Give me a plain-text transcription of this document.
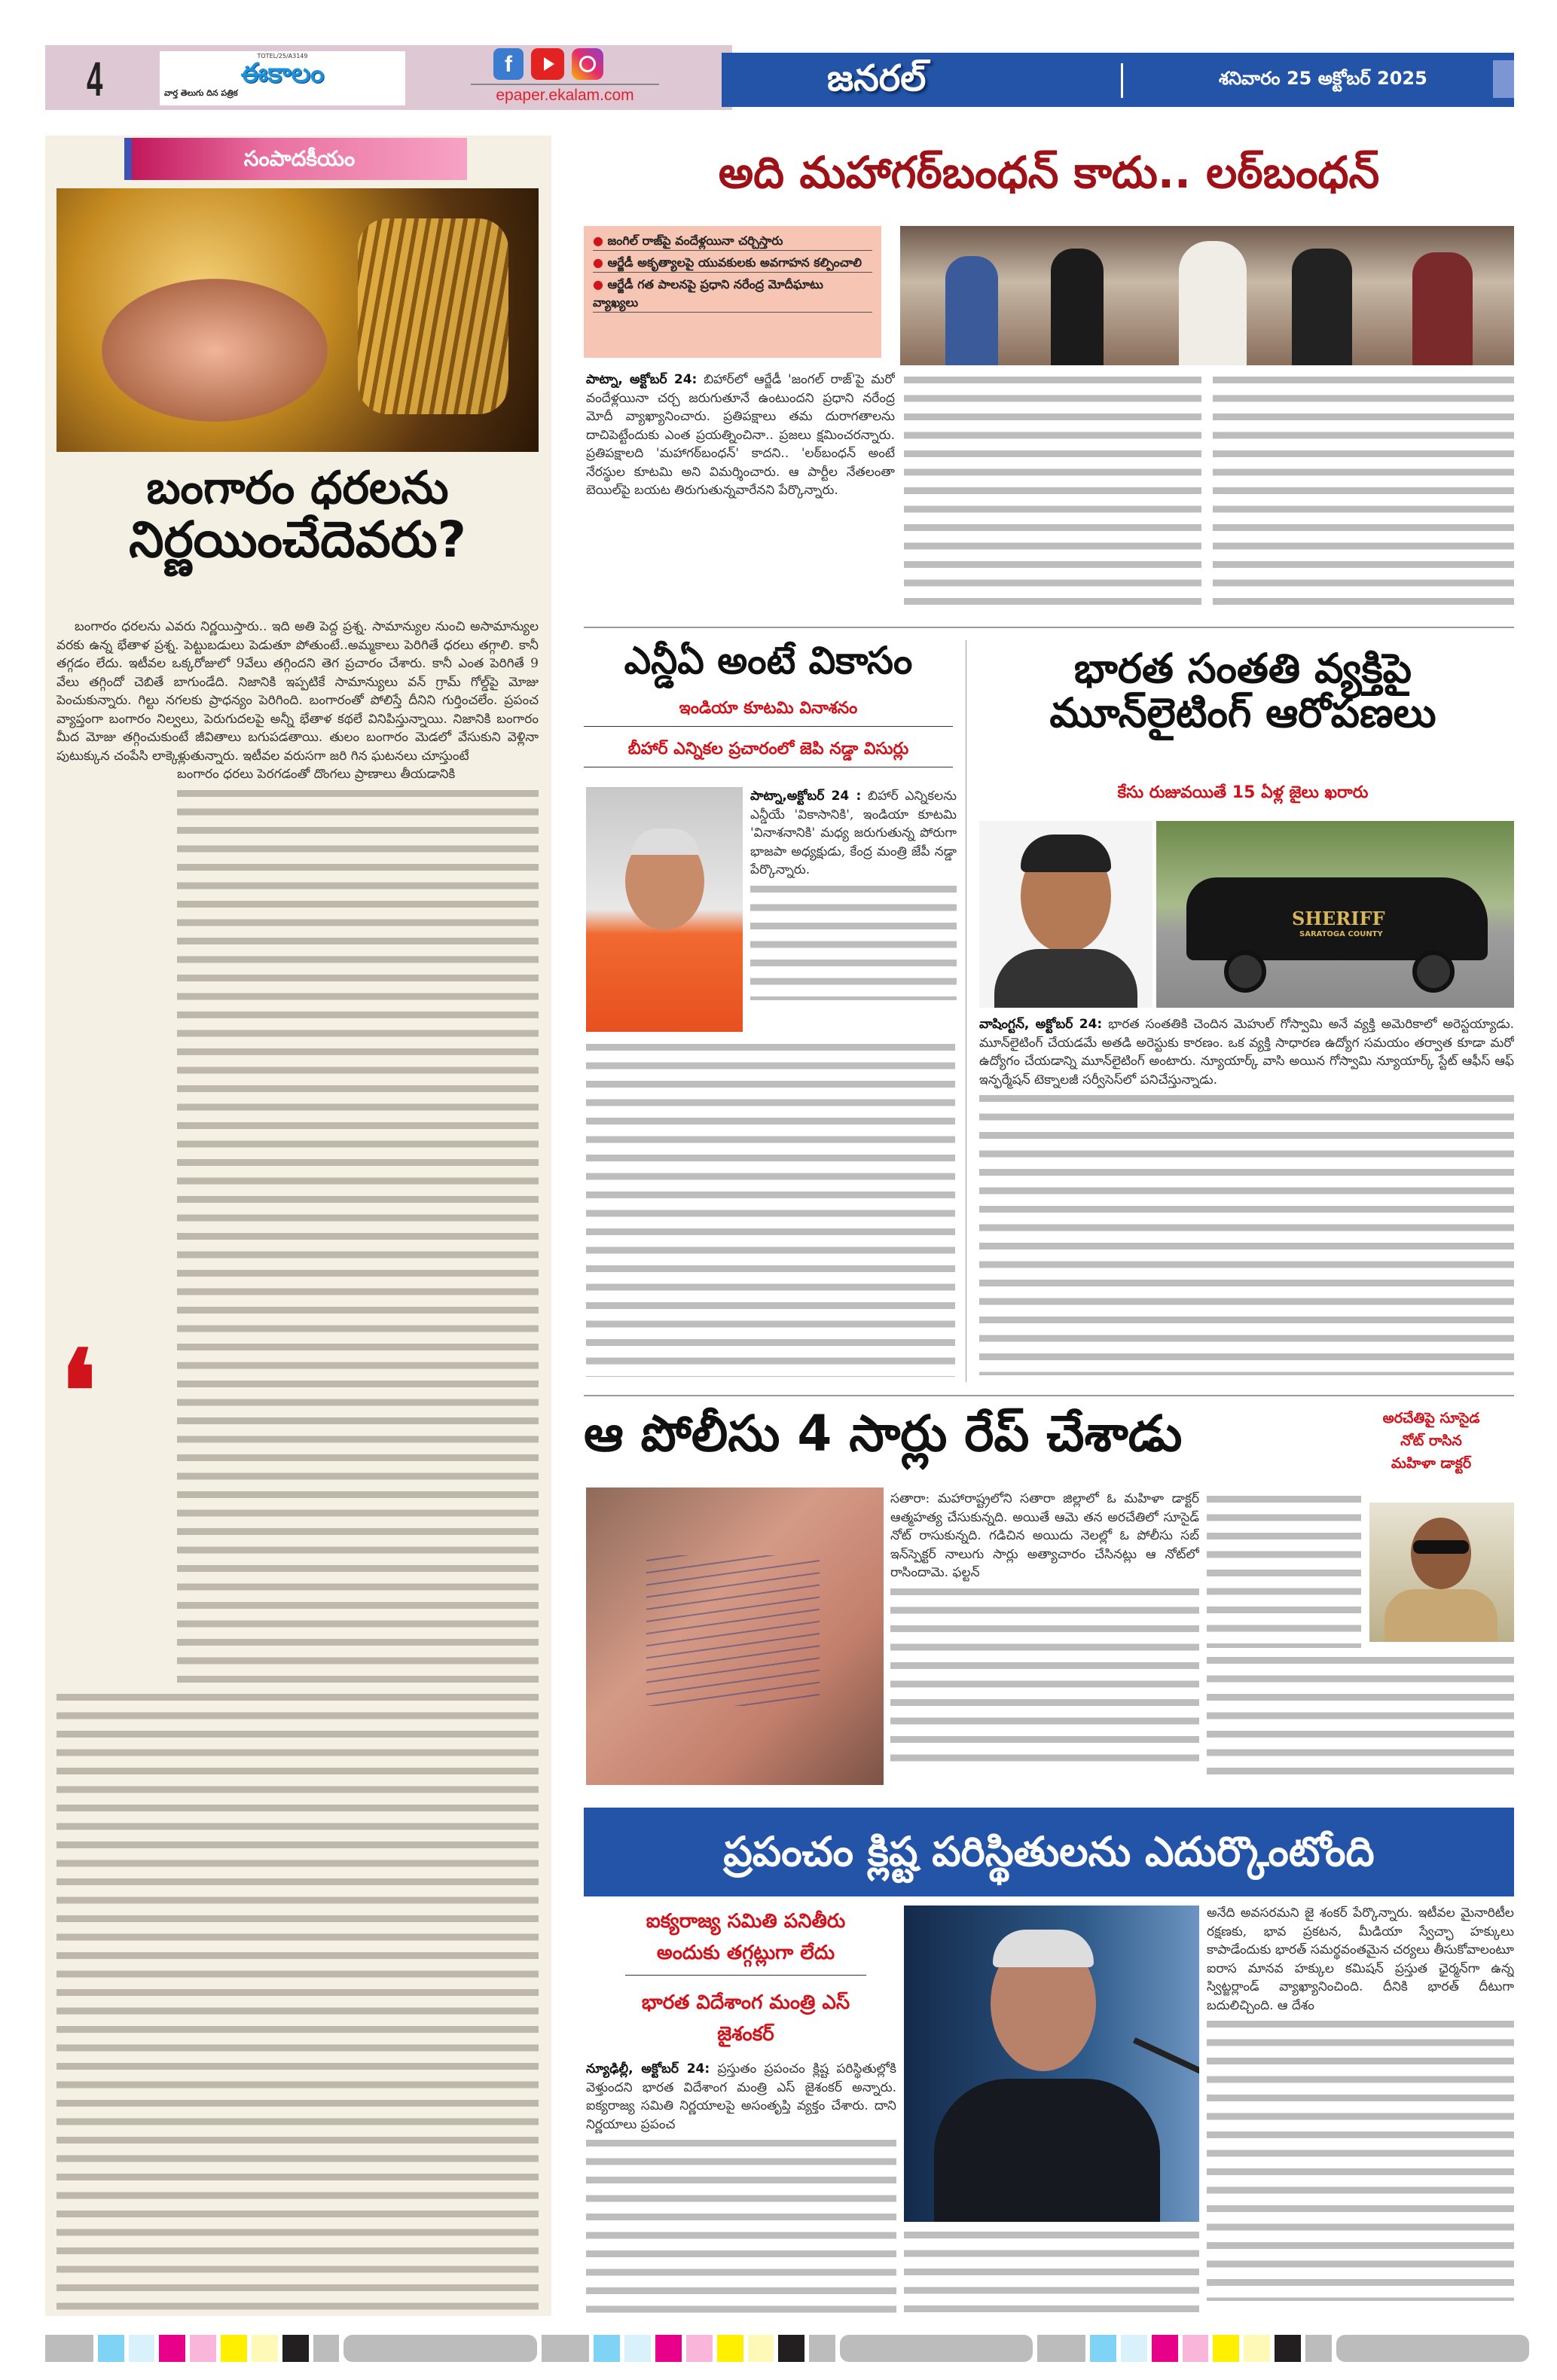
4	TOTEL/25/A3149
ఈకాలం
వార్త తెలుగు దిన పత్రిక
f
epaper.ekalam.com	జనరల్	శనివారం 25 అక్టోబర్ 2025
సంపాదకీయం
బంగారం ధరలను
నిర్ణయించేదెవరు?

బంగారం ధరలను ఎవరు నిర్ణయిస్తారు.. ఇది అతి పెద్ద ప్రశ్న. సామాన్యుల నుంచి అసామాన్యుల వరకు ఉన్న భేతాళ ప్రశ్న. పెట్టుబడులు పెడుతూ పోతుంటే..అమ్మకాలు పెరిగితే ధరలు తగ్గాలి. కానీ తగ్గడం లేదు. ఇటీవల ఒక్కరోజులో 9వేలు తగ్గిందని తెగ ప్రచారం చేశారు. కానీ ఎంత పెరిగితే 9 వేలు తగ్గిందో చెబితే బాగుండేది. నిజానికి ఇప్పటికే సామాన్యులు వన్ గ్రామ్ గోల్డ్‌పై మోజు పెంచుకున్నారు. గిల్టు నగలకు ప్రాధన్యం పెరిగింది. బంగారంతో పోలిస్తే దీనిని గుర్తించలేం. ప్రపంచ వ్యాప్తంగా బంగారం నిల్వలు, పెరుగుదలపై అన్నీ భేతాళ కథలే వినిపిస్తున్నాయి. నిజానికి బంగారం మీద మోజు తగ్గించుకుంటే జీవితాలు బగుపడతాయి. తులం బంగారం మెడలో వేసుకుని వెళ్లినా పుటుక్కున చంపేసి లాక్కెళ్లుతున్నారు. ఇటీవల వరుసగా జరి గిన ఘటనలు చూస్తుంటే

బంగారం ధరలు పెరగడంతో దొంగలు ప్రాణాలు తీయడానికి

❛
అది మహాగఠ్‌బంధన్ కాదు.. లఠ్‌బంధన్
● జంగిల్ రాజ్‌పై వందేళ్లయినా చర్చిస్తారు
● ఆర్జేడీ అకృత్యాలపై యువకులకు అవగాహన కల్పించాలి
● ఆర్జేడీ గత పాలనపై ప్రధాని నరేంద్ర మోదీఘాటు వ్యాఖ్యలు
పాట్నా, అక్టోబర్ 24: బిహార్‌లో ఆర్జేడీ 'జంగల్ రాజ్'పై మరో వందేళ్లయినా చర్చ జరుగుతూనే ఉంటుందని ప్రధాని నరేంద్ర మోదీ వ్యాఖ్యానించారు. ప్రతిపక్షాలు తమ దురాగతాలను దాచిపెట్టేందుకు ఎంత ప్రయత్నించినా.. ప్రజలు క్షమించరన్నారు. ప్రతిపక్షాలది 'మహాగఠ్‌బంధన్' కాదని.. 'లఠ్‌బంధన్ అంటే నేరస్థుల కూటమి అని విమర్శించారు. ఆ పార్టీల నేతలంతా బెయిల్‌పై బయట తిరుగుతున్నవారేనని పేర్కొన్నారు.
ఎన్డీఏ అంటే వికాసం
ఇండియా కూటమి వినాశనం
బీహార్ ఎన్నికల ప్రచారంలో జెపి నడ్డా విసుర్లు
పాట్నా,అక్టోబర్ 24 : బిహార్ ఎన్నికలను ఎన్డీయే 'వికాసానికి', ఇండియా కూటమి 'వినాశనానికి' మధ్య జరుగుతున్న పోరుగా భాజపా అధ్యక్షుడు, కేంద్ర మంత్రి జేపీ నడ్డా పేర్కొన్నారు.
భారత సంతతి వ్యక్తిపై
మూన్‌లైటింగ్ ఆరోపణలు
కేసు రుజువయితే 15 ఏళ్ల జైలు ఖరారు
SHERIFF
SARATOGA COUNTY
వాషింగ్టన్, అక్టోబర్ 24: భారత సంతతికి చెందిన మెహుల్ గోస్వామి అనే వ్యక్తి అమెరికాలో అరెస్టయ్యాడు. మూన్‌లైటింగ్ చేయడమే అతడి అరెస్టుకు కారణం. ఒక వ్యక్తి సాధారణ ఉద్యోగ సమయం తర్వాత కూడా మరో ఉద్యోగం చేయడాన్ని మూన్‌లైటింగ్ అంటారు. న్యూయార్క్ వాసి అయిన గోస్వామి న్యూయార్క్ స్టేట్ ఆఫీస్ ఆఫ్ ఇన్ఫర్మేషన్ టెక్నాలజీ సర్వీసెస్‌లో పనిచేస్తున్నాడు.
ఆ పోలీసు 4 సార్లు రేప్ చేశాడు	అరచేతిపై సూసైడ
నోట్ రాసిన
మహిళా డాక్టర్
సతారా: మహారాష్ట్రలోని సతారా జిల్లాలో ఓ మహిళా డాక్టర్ ఆత్మహత్య చేసుకున్నది. అయితే ఆమె తన అరచేతిలో సూసైడ్ నోట్ రాసుకున్నది. గడిచిన అయిదు నెలల్లో ఓ పోలీసు సబ్ ఇన్‌స్పెక్టర్ నాలుగు సార్లు అత్యాచారం చేసినట్లు ఆ నోట్‌లో రాసిందామె. ఫల్టన్
ప్రపంచం క్లిష్ట పరిస్థితులను ఎదుర్కొంటోంది
ఐక్యరాజ్య సమితి పనితీరు అందుకు తగ్గట్లుగా లేదు
భారత విదేశాంగ మంత్రి ఎస్ జైశంకర్
న్యూఢిల్లీ, అక్టోబర్ 24: ప్రస్తుతం ప్రపంచం క్లిష్ట పరిస్థితుల్లోకి వెళ్తుందని భారత విదేశాంగ మంత్రి ఎస్ జైశంకర్ అన్నారు. ఐక్యరాజ్య సమితి నిర్ణయాలపై అసంతృప్తి వ్యక్తం చేశారు. దాని నిర్ణయాలు ప్రపంచ
అనేది అవసరమని జై శంకర్ పేర్కొన్నారు. ఇటీవల మైనారిటీల రక్షణకు, భావ ప్రకటన, మీడియా స్వేచ్ఛా హక్కులు కాపాడేందుకు భారత్ సమర్థవంతమైన చర్యలు తీసుకోవాలంటూ ఐరాస మానవ హక్కుల కమిషన్ ప్రస్తుత ఛైర్మన్‌గా ఉన్న స్విట్జర్లాండ్ వ్యాఖ్యానించింది. దీనికి భారత్ దీటుగా బదులిచ్చింది. ఆ దేశం
